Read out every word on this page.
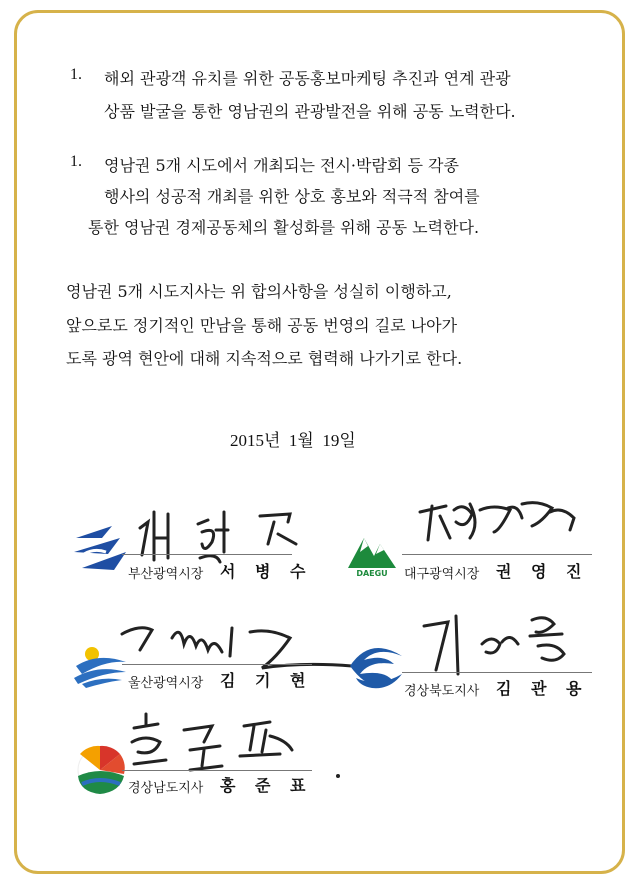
1. 해외 관광객 유치를 위한 공동홍보마케팅 추진과 연계 관광
상품 발굴을 통한 영남권의 관광발전을 위해 공동 노력한다.
1. 영남권 5개 시도에서 개최되는 전시·박람회 등 각종
행사의 성공적 개최를 위한 상호 홍보와 적극적 참여를
통한 영남권 경제공동체의 활성화를 위해 공동 노력한다.
영남권 5개 시도지사는 위 합의사항을 성실히 이행하고,
앞으로도 정기적인 만남을 통해 공동 번영의 길로 나아가
도록 광역 현안에 대해 지속적으로 협력해 나가기로 한다.
2015년  1월  19일
부산광역시장 서 병 수	DAEGU 대구광역시장 권 영 진
울산광역시장 김 기 현
경상북도지사 김 관 용
경상남도지사 홍 준 표
